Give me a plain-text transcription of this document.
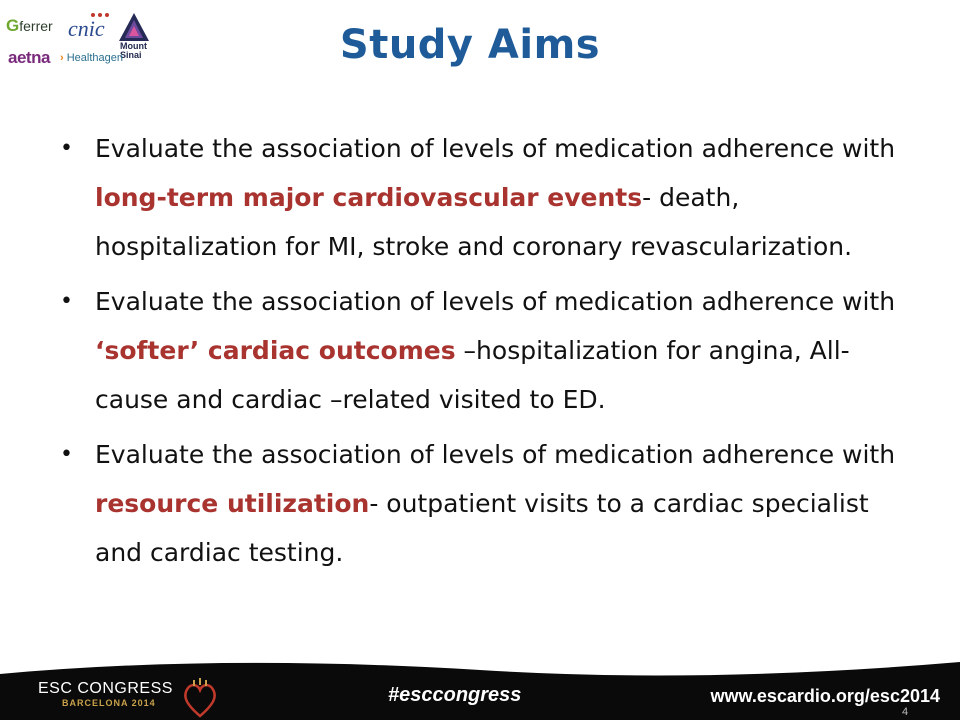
Gferrer cnic
Mount
Sinai
aetna › Healthagen	Study Aims
• Evaluate the association of levels of medication adherence with long-term major cardiovascular events- death, hospitalization for MI, stroke and coronary revascularization.
• Evaluate the association of levels of medication adherence with ‘softer’ cardiac outcomes –hospitalization for angina, All-cause and cardiac –related visited to ED.
• Evaluate the association of levels of medication adherence with resource utilization- outpatient visits to a cardiac specialist and cardiac testing.
ESC CONGRESS
BARCELONA 2014	#esccongress	www.escardio.org/esc2014
4
